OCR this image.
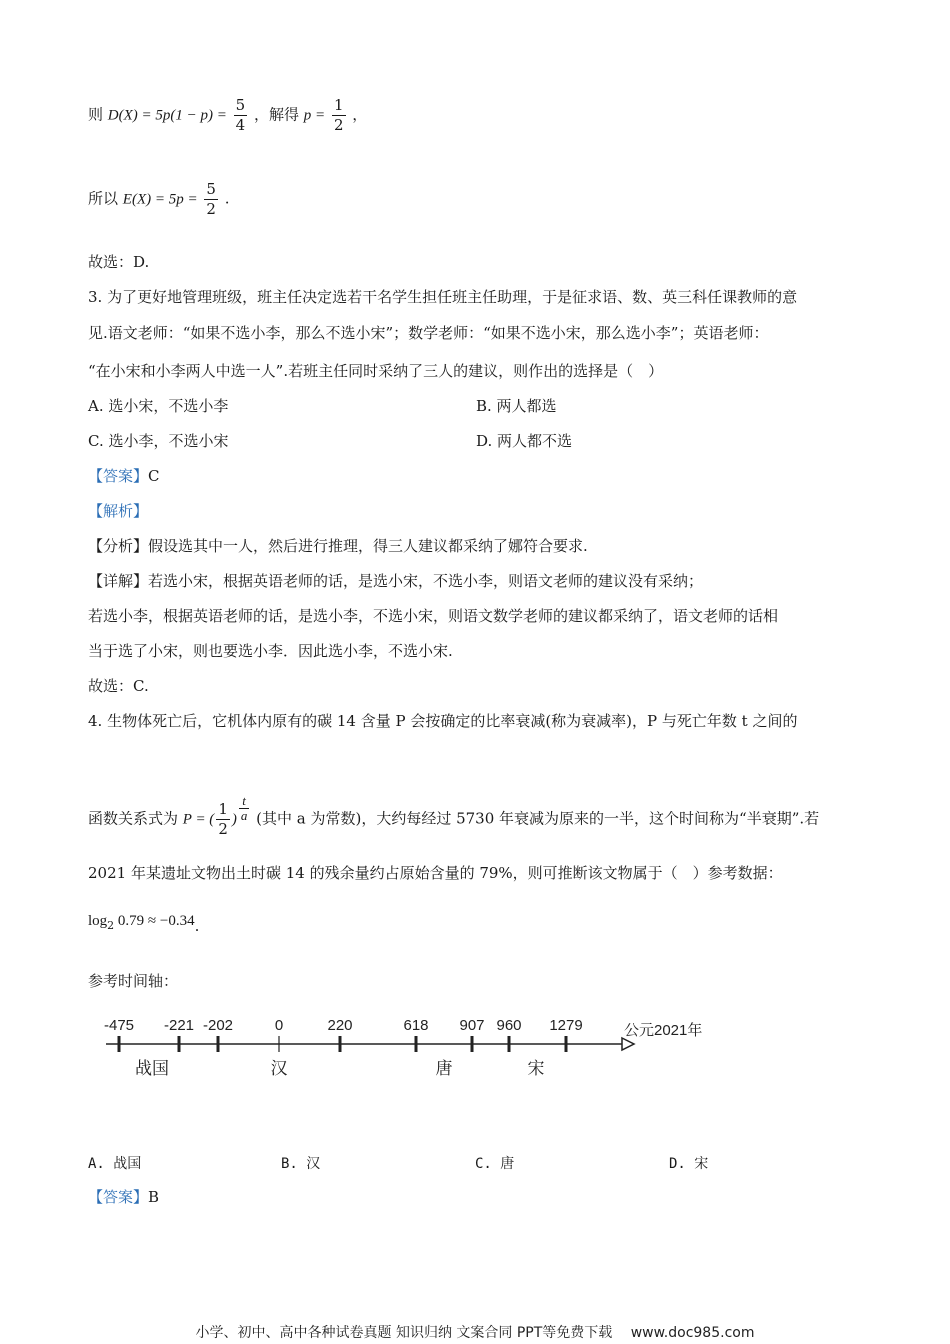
则 $D(X) = 5p(1 - p) = \frac{5}{4}$ ，解得 $p = \frac{1}{2}$ ，
所以 $E(X) = 5p = \frac{5}{2}$ .
故选：D.
3. 为了更好地管理班级，班主任决定选若干名学生担任班主任助理，于是征求语、数、英三科任课教师的意
见.语文老师：“如果不选小李，那么不选小宋”；数学老师：“如果不选小宋，那么选小李”；英语老师：
“在小宋和小李两人中选一人”.若班主任同时采纳了三人的建议，则作出的选择是（　）
A. 选小宋，不选小李	B. 两人都选
C. 选小李，不选小宋	D. 两人都不选
【答案】C
【解析】
【分析】假设选其中一人，然后进行推理，得三人建议都采纳了娜符合要求.
【详解】若选小宋，根据英语老师的话，是选小宋，不选小李，则语文老师的建议没有采纳；
若选小李，根据英语老师的话，是选小李，不选小宋，则语文数学老师的建议都采纳了，语文老师的话相
当于选了小宋，则也要选小李．因此选小李，不选小宋.
故选：C.
4. 生物体死亡后，它机体内原有的碳 14 含量 P 会按确定的比率衰减(称为衰减率)，P 与死亡年数 t 之间的
函数关系式为 P = ( $\frac{1}{2}$ ) $\frac{t}{a}$ (其中 a 为常数)，大约每经过 5730 年衰减为原来的一半，这个时间称为“半衰期”.若
2021 年某遗址文物出土时碳 14 的残余量约占原始含量的 79%，则可推断该文物属于（　）参考数据：
$\log_2 0.79 \approx -0.34$.
参考时间轴：
-475 -221 -202	0	220	618 907 960 1279	公元2021年
战国	汉	唐	宋
A. 战国	B. 汉	C. 唐	D. 宋
【答案】B
小学、初中、高中各种试卷真题 知识归纳 文案合同 PPT等免费下载　 www.doc985.com
